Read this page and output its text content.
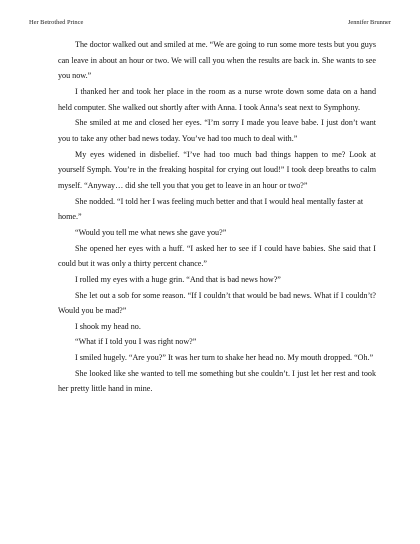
Her Betrothed Prince	Jennifer Brunner

The doctor walked out and smiled at me. “We are going to run some more tests but you guys can leave in about an hour or two. We will call you when the results are back in. She wants to see you now.”

I thanked her and took her place in the room as a nurse wrote down some data on a hand held computer. She walked out shortly after with Anna. I took Anna’s seat next to Symphony.

She smiled at me and closed her eyes. “I’m sorry I made you leave babe. I just don’t want you to take any other bad news today. You’ve had too much to deal with.”

My eyes widened in disbelief. “I’ve had too much bad things happen to me? Look at yourself Symph. You’re in the freaking hospital for crying out loud!” I took deep breaths to calm myself. “Anyway… did she tell you that you get to leave in an hour or two?”

She nodded. “I told her I was feeling much better and that I would heal mentally faster at home.”

“Would you tell me what news she gave you?”

She opened her eyes with a huff. “I asked her to see if I could have babies. She said that I could but it was only a thirty percent chance.”

I rolled my eyes with a huge grin. “And that is bad news how?”

She let out a sob for some reason. “If I couldn’t that would be bad news. What if I couldn’t? Would you be mad?”

I shook my head no.

“What if I told you I was right now?”

I smiled hugely. “Are you?” It was her turn to shake her head no. My mouth dropped. “Oh.”

She looked like she wanted to tell me something but she couldn’t. I just let her rest and took her pretty little hand in mine.
